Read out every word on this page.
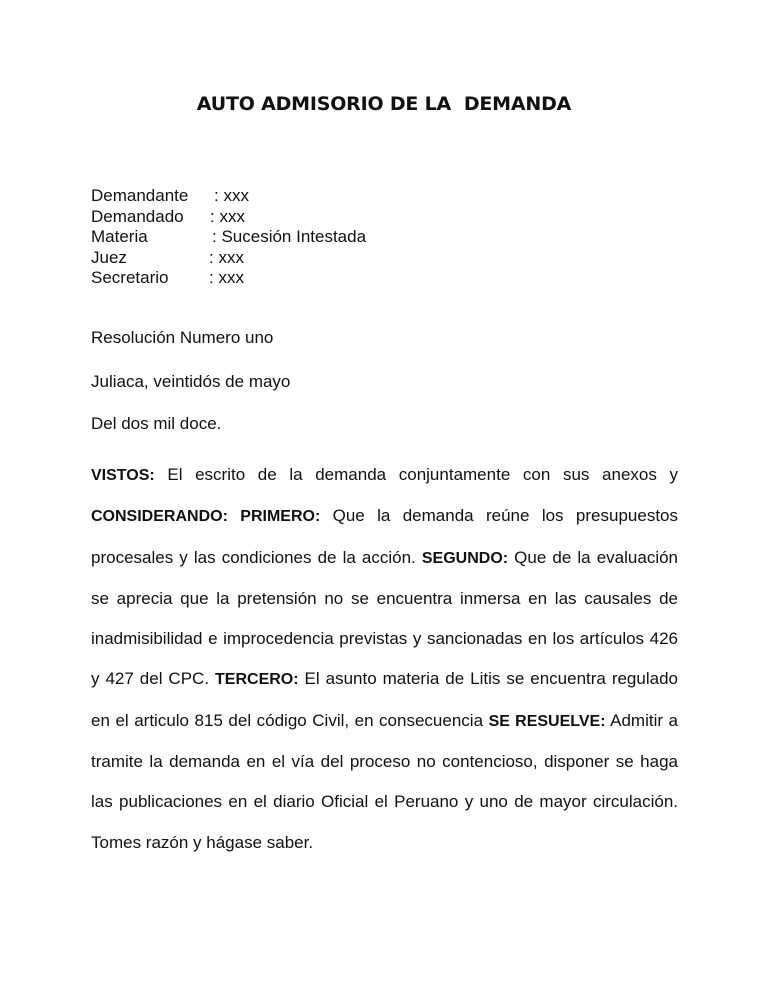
AUTO ADMISORIO DE LA  DEMANDA
Demandante : xxx
Demandado : xxx
Materia	: Sucesión Intestada
Juez	: xxx
Secretario : xxx
Resolución Numero uno
Juliaca, veintidós de mayo
Del dos mil doce.
VISTOS: El escrito de la demanda conjuntamente con sus anexos y CONSIDERANDO: PRIMERO: Que la demanda reúne los presupuestos procesales y las condiciones de la acción. SEGUNDO: Que de la evaluación se aprecia que la pretensión no se encuentra inmersa en las causales de inadmisibilidad e improcedencia previstas y sancionadas en los artículos 426 y 427 del CPC. TERCERO: El asunto materia de Litis se encuentra regulado en el articulo 815 del código Civil, en consecuencia SE RESUELVE: Admitir a tramite la demanda en el vía del proceso no contencioso, disponer se haga las publicaciones en el diario Oficial el Peruano y uno de mayor circulación. Tomes razón y hágase saber.
